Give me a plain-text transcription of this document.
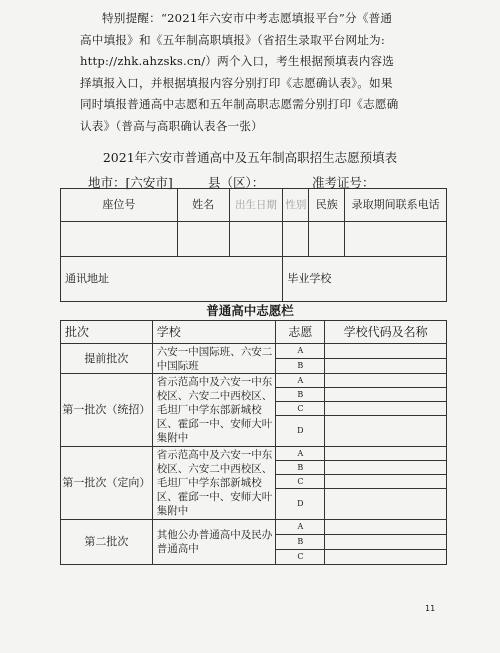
特别提醒：“2021年六安市中考志愿填报平台”分《普通
高中填报》和《五年制高职填报》（省招生录取平台网址为:
http://zhk.ahzsks.cn/）两个入口，考生根据预填表内容选
择填报入口，并根据填报内容分别打印《志愿确认表》。如果
同时填报普通高中志愿和五年制高职志愿需分别打印《志愿确
认表》（普高与高职确认表各一张）
2021年六安市普通高中及五年制高职招生志愿预填表
地市：[六安市]	县（区）：	准考证号：
座位号	姓名	出生日期	性别	民族	录取期间联系电话

通讯地址			毕业学校		
普通高中志愿栏
批次	学校	志愿	学校代码及名称
提前批次	六安一中国际班、六安二中国际班	A	
		B	
第一批次（统招）	省示范高中及六安一中东校区、六安二中西校区、毛坦厂中学东部新城校区、霍邱一中、安师大叶集附中	A	
		B	
		C	
		D	
第一批次（定向）	省示范高中及六安一中东校区、六安二中西校区、毛坦厂中学东部新城校区、霍邱一中、安师大叶集附中	A	
		B	
		C	
		D	
第二批次	其他公办普通高中及民办普通高中	A	
		B	
		C	
11
